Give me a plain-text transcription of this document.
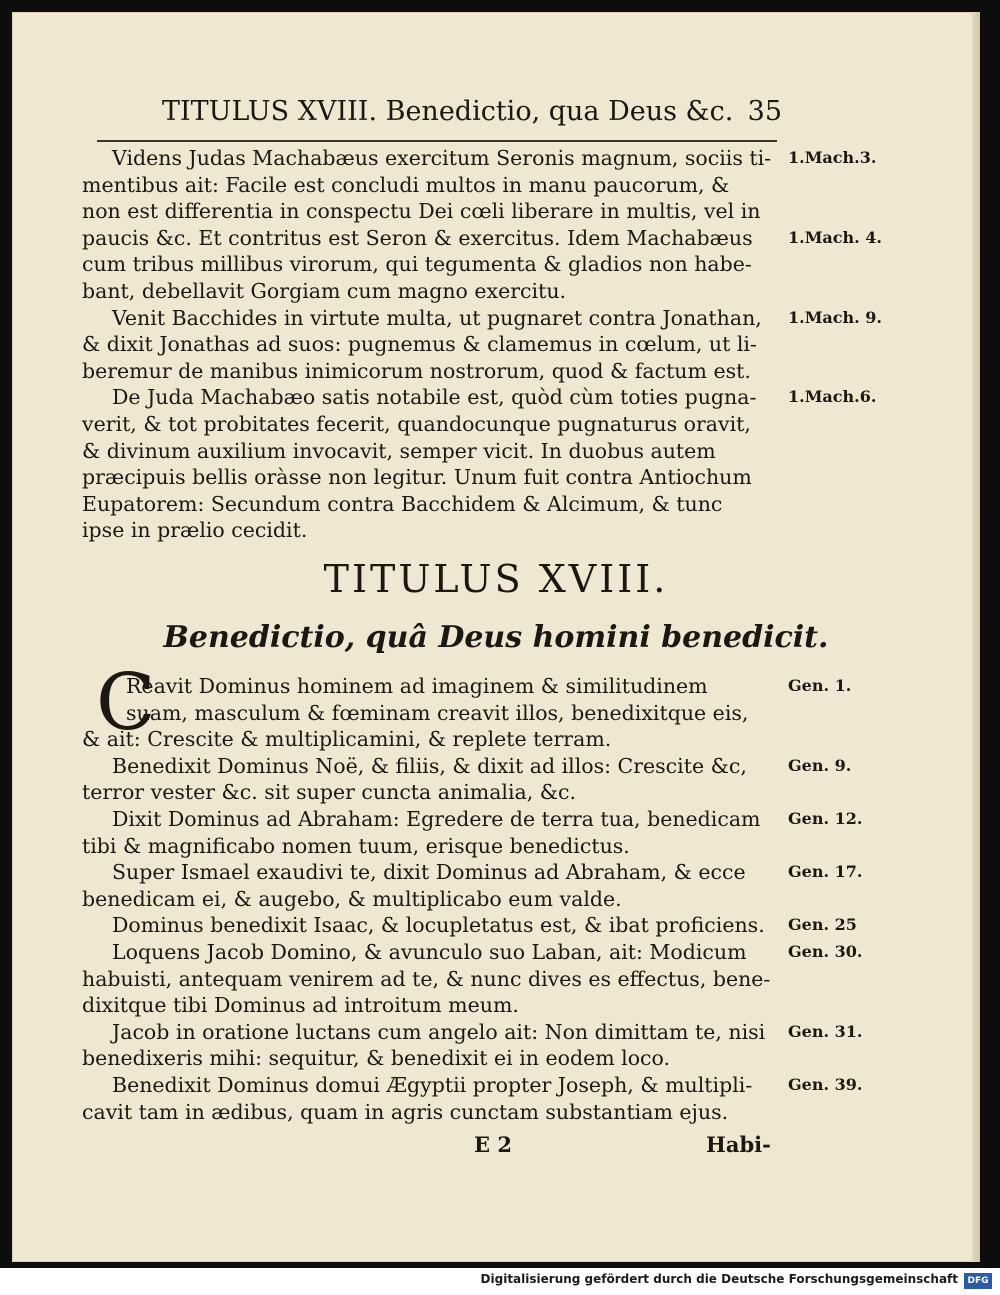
TITULUS XVIII. Benedictio, qua Deus &c. 35
Videns Judas Machabæus exercitum Seronis magnum, sociis ti-
mentibus ait: Facile est concludi multos in manu paucorum, &
non est differentia in conspectu Dei cœli liberare in multis, vel in
paucis &c. Et contritus est Seron & exercitus. Idem Machabæus
cum tribus millibus virorum, qui tegumenta & gladios non habe-
bant, debellavit Gorgiam cum magno exercitu.
Venit Bacchides in virtute multa, ut pugnaret contra Jonathan,
& dixit Jonathas ad suos: pugnemus & clamemus in cœlum, ut li-
beremur de manibus inimicorum nostrorum, quod & factum est.
De Juda Machabæo satis notabile est, quòd cùm toties pugna-
verit, & tot probitates fecerit, quandocunque pugnaturus oravit,
& divinum auxilium invocavit, semper vicit. In duobus autem
præcipuis bellis oràsse non legitur. Unum fuit contra Antiochum
Eupatorem: Secundum contra Bacchidem & Alcimum, & tunc
ipse in prælio cecidit.
1.Mach.3.
1.Mach. 4.
1.Mach. 9.
1.Mach.6.
TITULUS XVIII.
Benedictio, quâ Deus homini benedicit.
C
Reavit Dominus hominem ad imaginem & similitudinem
suam, masculum & fœminam creavit illos, benedixitque eis,
& ait: Crescite & multiplicamini, & replete terram.
Benedixit Dominus Noë, & filiis, & dixit ad illos: Crescite &c,
terror vester &c. sit super cuncta animalia, &c.
Dixit Dominus ad Abraham: Egredere de terra tua, benedicam
tibi & magnificabo nomen tuum, erisque benedictus.
Super Ismael exaudivi te, dixit Dominus ad Abraham, & ecce
benedicam ei, & augebo, & multiplicabo eum valde.
Dominus benedixit Isaac, & locupletatus est, & ibat proficiens.
Loquens Jacob Domino, & avunculo suo Laban, ait: Modicum
habuisti, antequam venirem ad te, & nunc dives es effectus, bene-
dixitque tibi Dominus ad introitum meum.
Jacob in oratione luctans cum angelo ait: Non dimittam te, nisi
benedixeris mihi: sequitur, & benedixit ei in eodem loco.
Benedixit Dominus domui Ægyptii propter Joseph, & multipli-
cavit tam in ædibus, quam in agris cunctam substantiam ejus.
Gen. 1.
Gen. 9.
Gen. 12.
Gen. 17.
Gen. 25
Gen. 30.
Gen. 31.
Gen. 39.
E 2	Habi-
Digitalisierung gefördert durch die Deutsche Forschungsgemeinschaft	DFG
